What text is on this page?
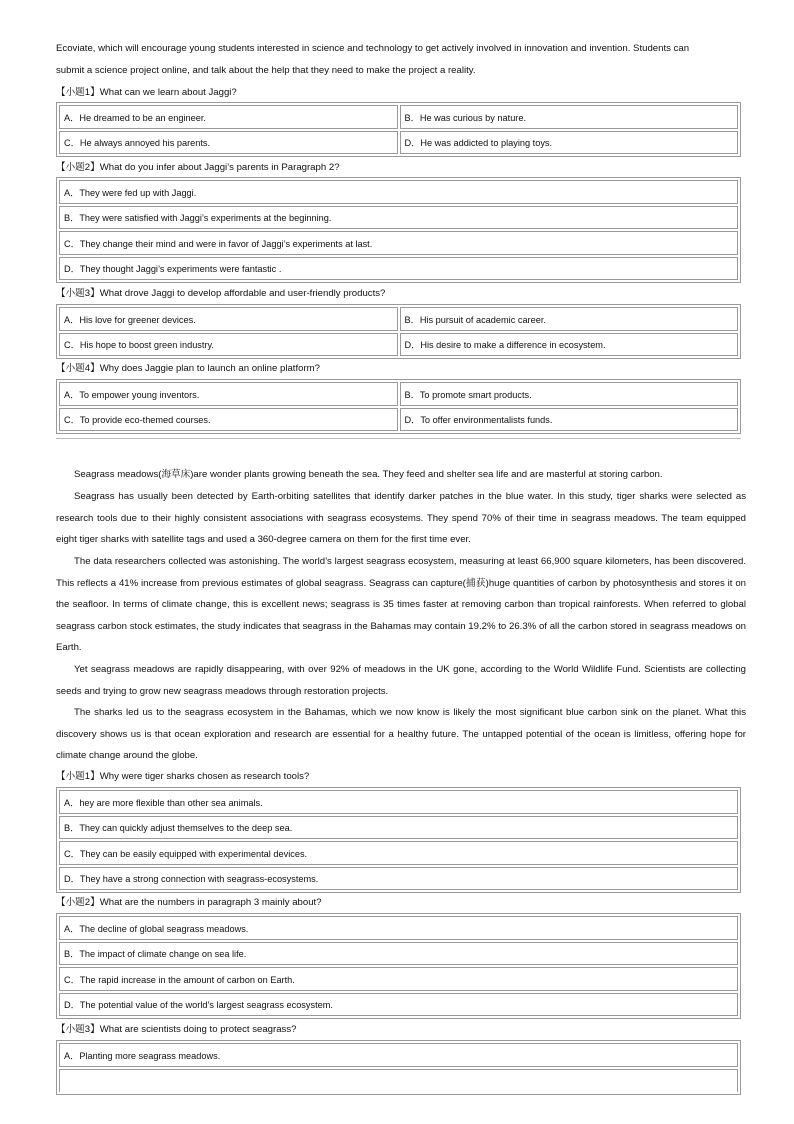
Ecoviate, which will encourage young students interested in science and technology to get actively involved in innovation and invention. Students can
submit a science project online, and talk about the help that they need to make the project a reality.

【小题1】What can we learn about Jaggi?
A．He dreamed to be an engineer.	B．He was curious by nature.
C．He always annoyed his parents.	D．He was addicted to playing toys.
【小题2】What do you infer about Jaggi’s parents in Paragraph 2?
A．They were fed up with Jaggi.
B．They were satisfied with Jaggi’s experiments at the beginning.
C．They change their mind and were in favor of Jaggi’s experiments at last.
D．They thought Jaggi’s experiments were fantastic .
【小题3】What drove Jaggi to develop affordable and user-friendly products?
A．His love for greener devices.	B．His pursuit of academic career.
C．His hope to boost green industry.	D．His desire to make a difference in ecosystem.
【小题4】Why does Jaggie plan to launch an online platform?
A．To empower young inventors.	B．To promote smart products.
C．To provide eco-themed courses.	D．To offer environmentalists funds.
Seagrass meadows(海草床)are wonder plants growing beneath the sea. They feed and shelter sea life and are masterful at storing carbon.
Seagrass has usually been detected by Earth-orbiting satellites that identify darker patches in the blue water. In this study, tiger sharks were selected as research tools due to their highly consistent associations with seagrass ecosystems. They spend 70% of their time in seagrass meadows. The team equipped eight tiger sharks with satellite tags and used a 360-degree camera on them for the first time ever.
The data researchers collected was astonishing. The world’s largest seagrass ecosystem, measuring at least 66,900 square kilometers, has been discovered. This reflects a 41% increase from previous estimates of global seagrass. Seagrass can capture(捕获)huge quantities of carbon by photosynthesis and stores it on the seafloor. In terms of climate change, this is excellent news; seagrass is 35 times faster at removing carbon than tropical rainforests. When referred to global seagrass carbon stock estimates, the study indicates that seagrass in the Bahamas may contain 19.2% to 26.3% of all the carbon stored in seagrass meadows on Earth.
Yet seagrass meadows are rapidly disappearing, with over 92% of meadows in the UK gone, according to the World Wildlife Fund. Scientists are collecting seeds and trying to grow new seagrass meadows through restoration projects.
The sharks led us to the seagrass ecosystem in the Bahamas, which we now know is likely the most significant blue carbon sink on the planet. What this discovery shows us is that ocean exploration and research are essential for a healthy future. The untapped potential of the ocean is limitless, offering hope for climate change around the globe.
【小题1】Why were tiger sharks chosen as research tools?
A．hey are more flexible than other sea animals.
B．They can quickly adjust themselves to the deep sea.
C．They can be easily equipped with experimental devices.
D．They have a strong connection with seagrass-ecosystems.
【小题2】What are the numbers in paragraph 3 mainly about?
A．The decline of global seagrass meadows.
B．The impact of climate change on sea life.
C．The rapid increase in the amount of carbon on Earth.
D．The potential value of the world’s largest seagrass ecosystem.
【小题3】What are scientists doing to protect seagrass?
A．Planting more seagrass meadows.
